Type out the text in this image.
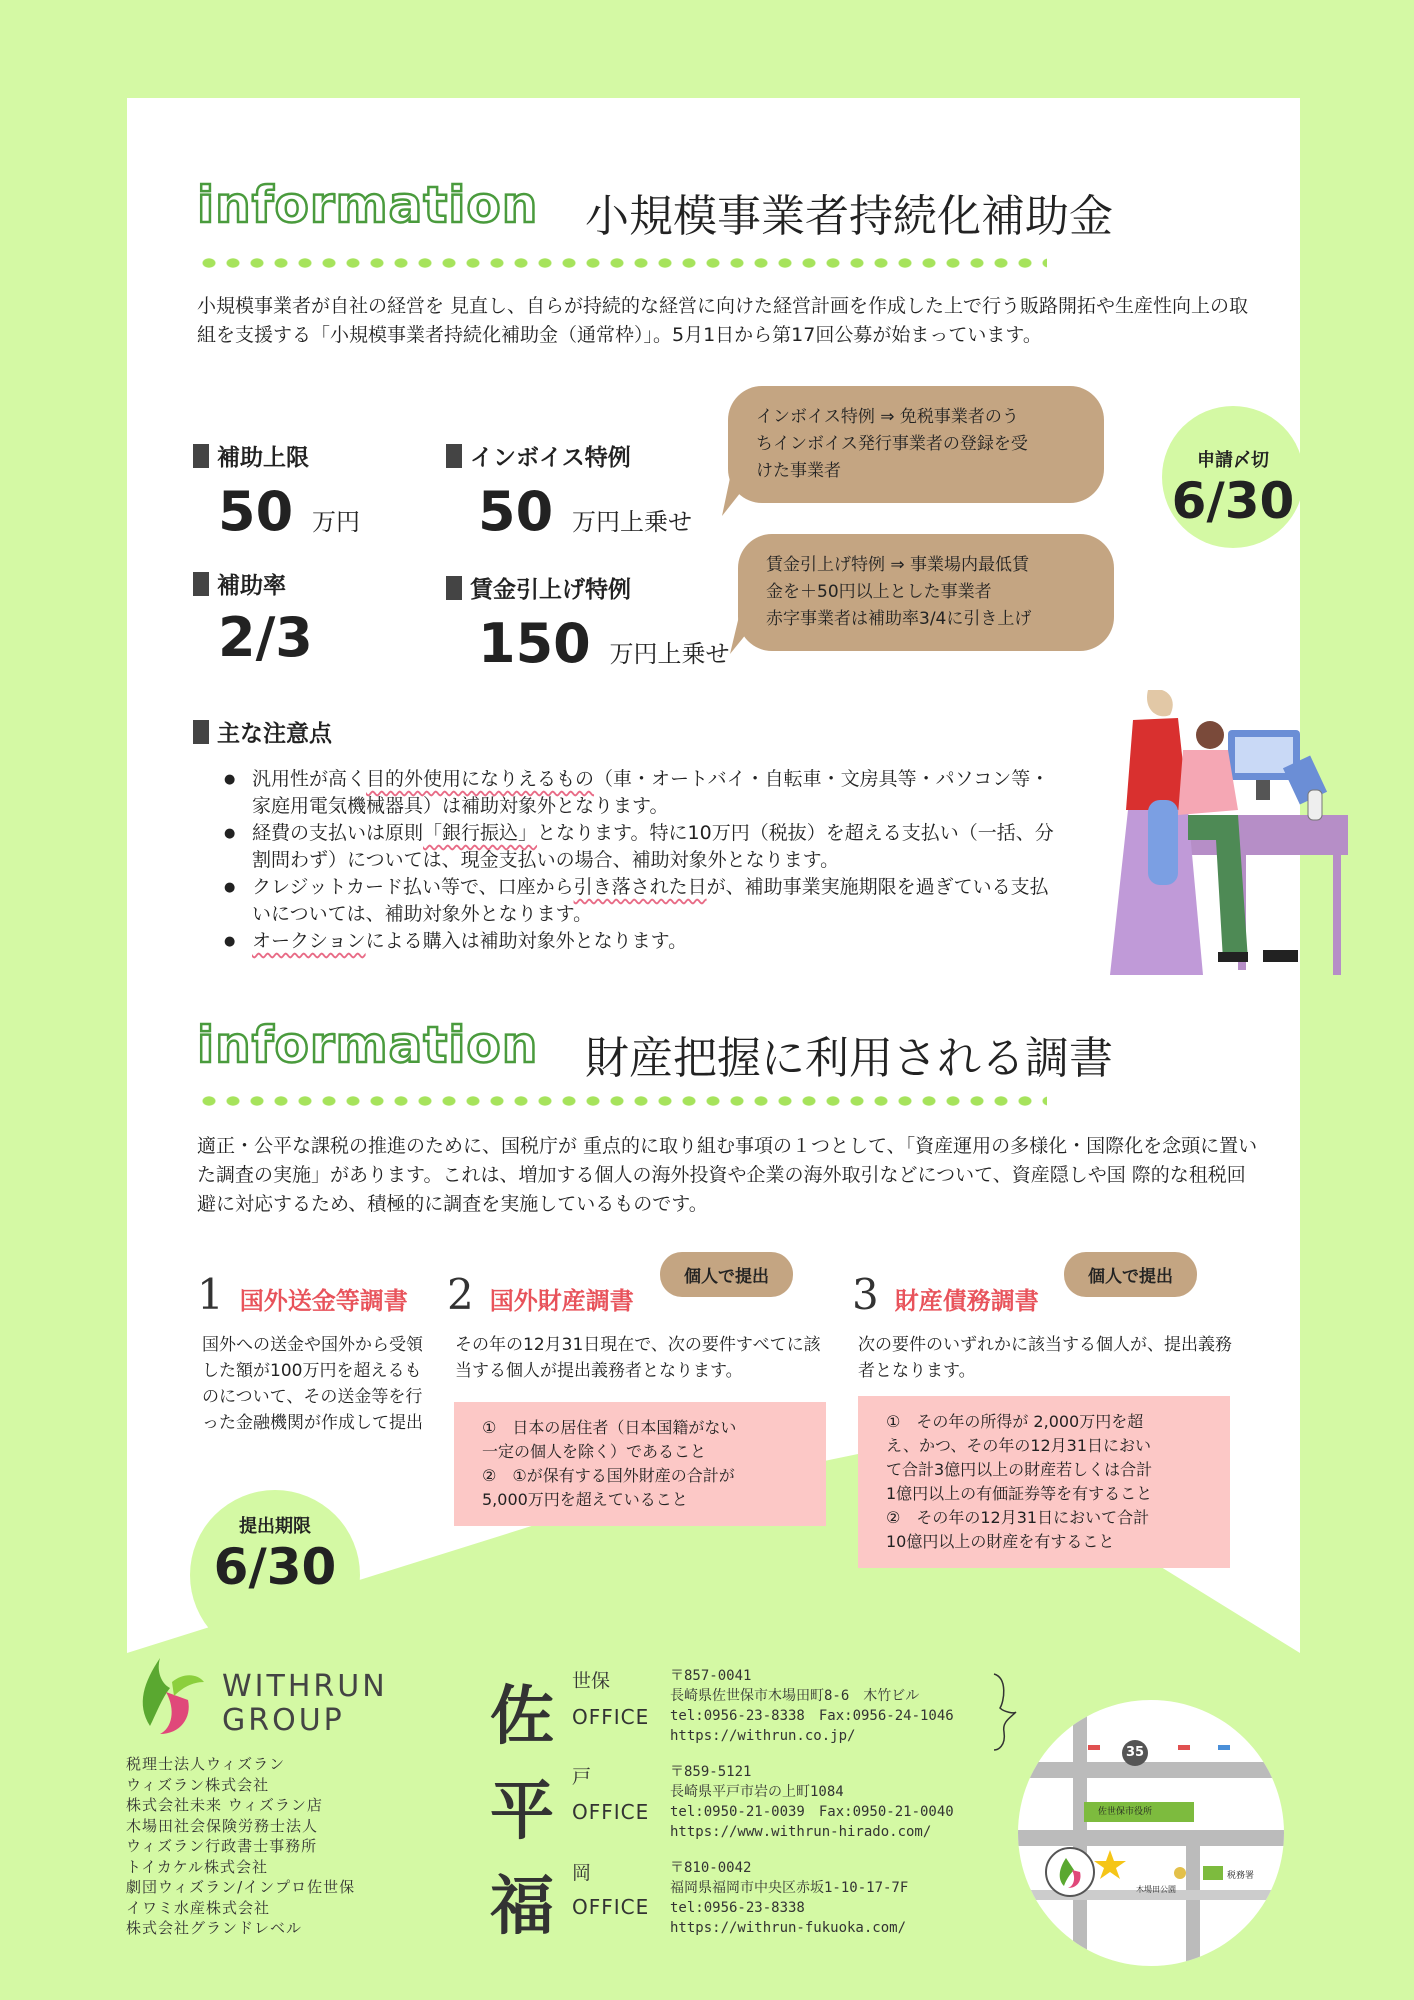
information 小規模事業者持続化補助金
小規模事業者が自社の経営を 見直し、自らが持続的な経営に向けた経営計画を作成した上で行う販路開拓や生産性向上の取組を支援する「小規模事業者持続化補助金（通常枠）」。5月1日から第17回公募が始まっています。
補助上限
50 万円
インボイス特例
50 万円上乗せ
補助率
2/3
賃金引上げ特例
150 万円上乗せ
インボイス特例 ⇒ 免税事業者のう
ちインボイス発行事業者の登録を受
けた事業者
賃金引上げ特例 ⇒ 事業場内最低賃
金を＋50円以上とした事業者
赤字事業者は補助率3/4に引き上げ
申請〆切
6/30
主な注意点
● 汎用性が高く目的外使用になりえるもの（車・オートバイ・自転車・文房具等・パソコン等・家庭用電気機械器具）は補助対象外となります。
● 経費の支払いは原則「銀行振込」となります。特に10万円（税抜）を超える支払い（一括、分割問わず）については、現金支払いの場合、補助対象外となります。
● クレジットカード払い等で、口座から引き落された日が、補助事業実施期限を過ぎている支払いについては、補助対象外となります。
● オークションによる購入は補助対象外となります。
information 財産把握に利用される調書
適正・公平な課税の推進のために、国税庁が 重点的に取り組む事項の１つとして、「資産運用の多様化・国際化を念頭に置いた調査の実施」があります。これは、増加する個人の海外投資や企業の海外取引などについて、資産隠しや国 際的な租税回避に対応するため、積極的に調査を実施しているものです。
1 国外送金等調書
国外への送金や国外から受領した額が100万円を超えるものについて、その送金等を行った金融機関が作成して提出
個人で提出
2 国外財産調書
その年の12月31日現在で、次の要件すべてに該当する個人が提出義務者となります。
①　日本の居住者（日本国籍がない
一定の個人を除く）であること
②　①が保有する国外財産の合計が
5,000万円を超えていること
個人で提出
3 財産債務調書
次の要件のいずれかに該当する個人が、提出義務者となります。
①　その年の所得が 2,000万円を超
え、かつ、その年の12月31日におい
て合計3億円以上の財産若しくは合計
1億円以上の有価証券等を有すること
②　その年の12月31日において合計
10億円以上の財産を有すること
提出期限
6/30
WITHRUN
GROUP
税理士法人ウィズラン
ウィズラン株式会社
株式会社未来 ウィズラン店
木場田社会保険労務士法人
ウィズラン行政書士事務所
トイカケル株式会社
劇団ウィズラン/インプロ佐世保
イワミ水産株式会社
株式会社グランドレベル
佐 世保
OFFICE
〒857-0041
長崎県佐世保市木場田町8-6　木竹ビル
tel:0956-23-8338　Fax:0956-24-1046
https://withrun.co.jp/
平 戸
OFFICE
〒859-5121
長崎県平戸市岩の上町1084
tel:0950-21-0039　Fax:0950-21-0040
https://www.withrun-hirado.com/
福 岡
OFFICE
〒810-0042
福岡県福岡市中央区赤坂1-10-17-7F
tel:0956-23-8338
https://withrun-fukuoka.com/
35
佐世保市役所
木場田公園
税務署
